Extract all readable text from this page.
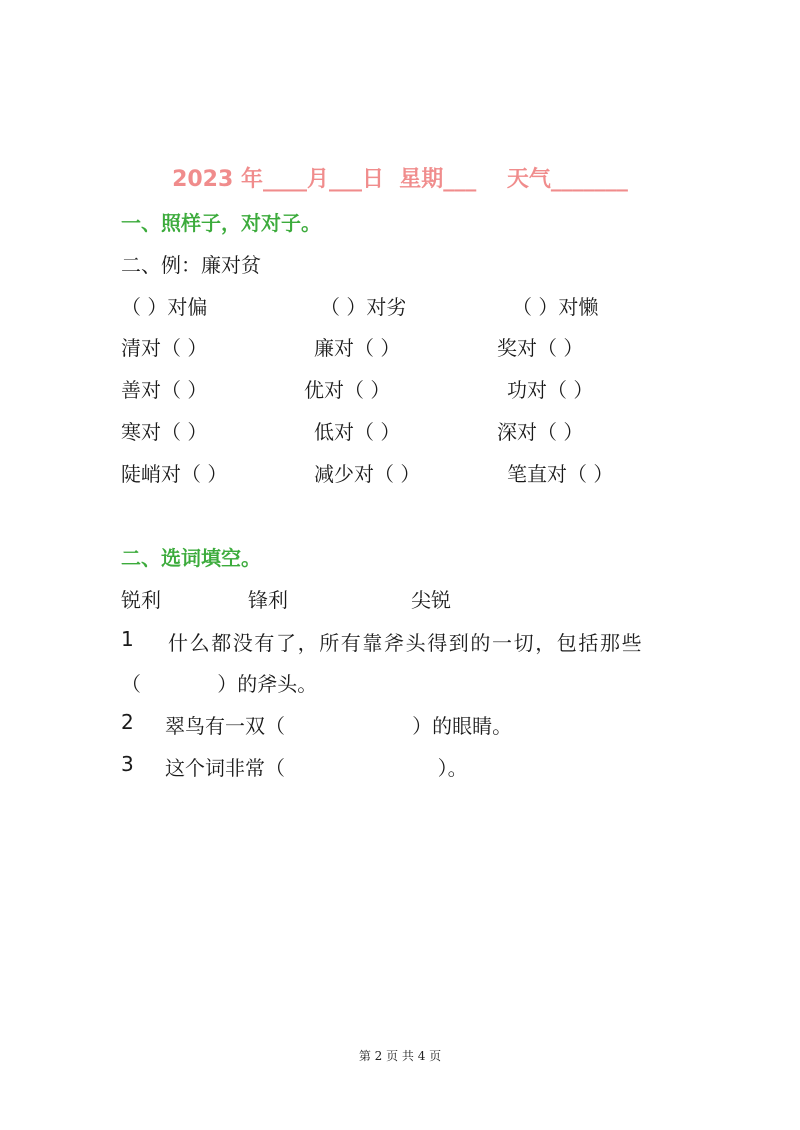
2023 年____月___日  星期___    天气_______
一、照样子，对对子。
二、例：廉对贫
（ ）对偏	（ ）对劣	（ ）对懒
清对（ ）	廉对（ ）	奖对（ ）
善对（ ）	优对（ ）	功对（ ）
寒对（ ）	低对（ ）	深对（ ）
陡峭对（ ）	减少对（ ）	笔直对（ ）
二、选词填空。
锐利	锋利	尖锐
1 什么都没有了，所有靠斧头得到的一切，包括那些
（            ）的斧头。
2 翠鸟有一双（                    ）的眼睛。
3 这个词非常（                        ）。
第 2 页 共 4 页
